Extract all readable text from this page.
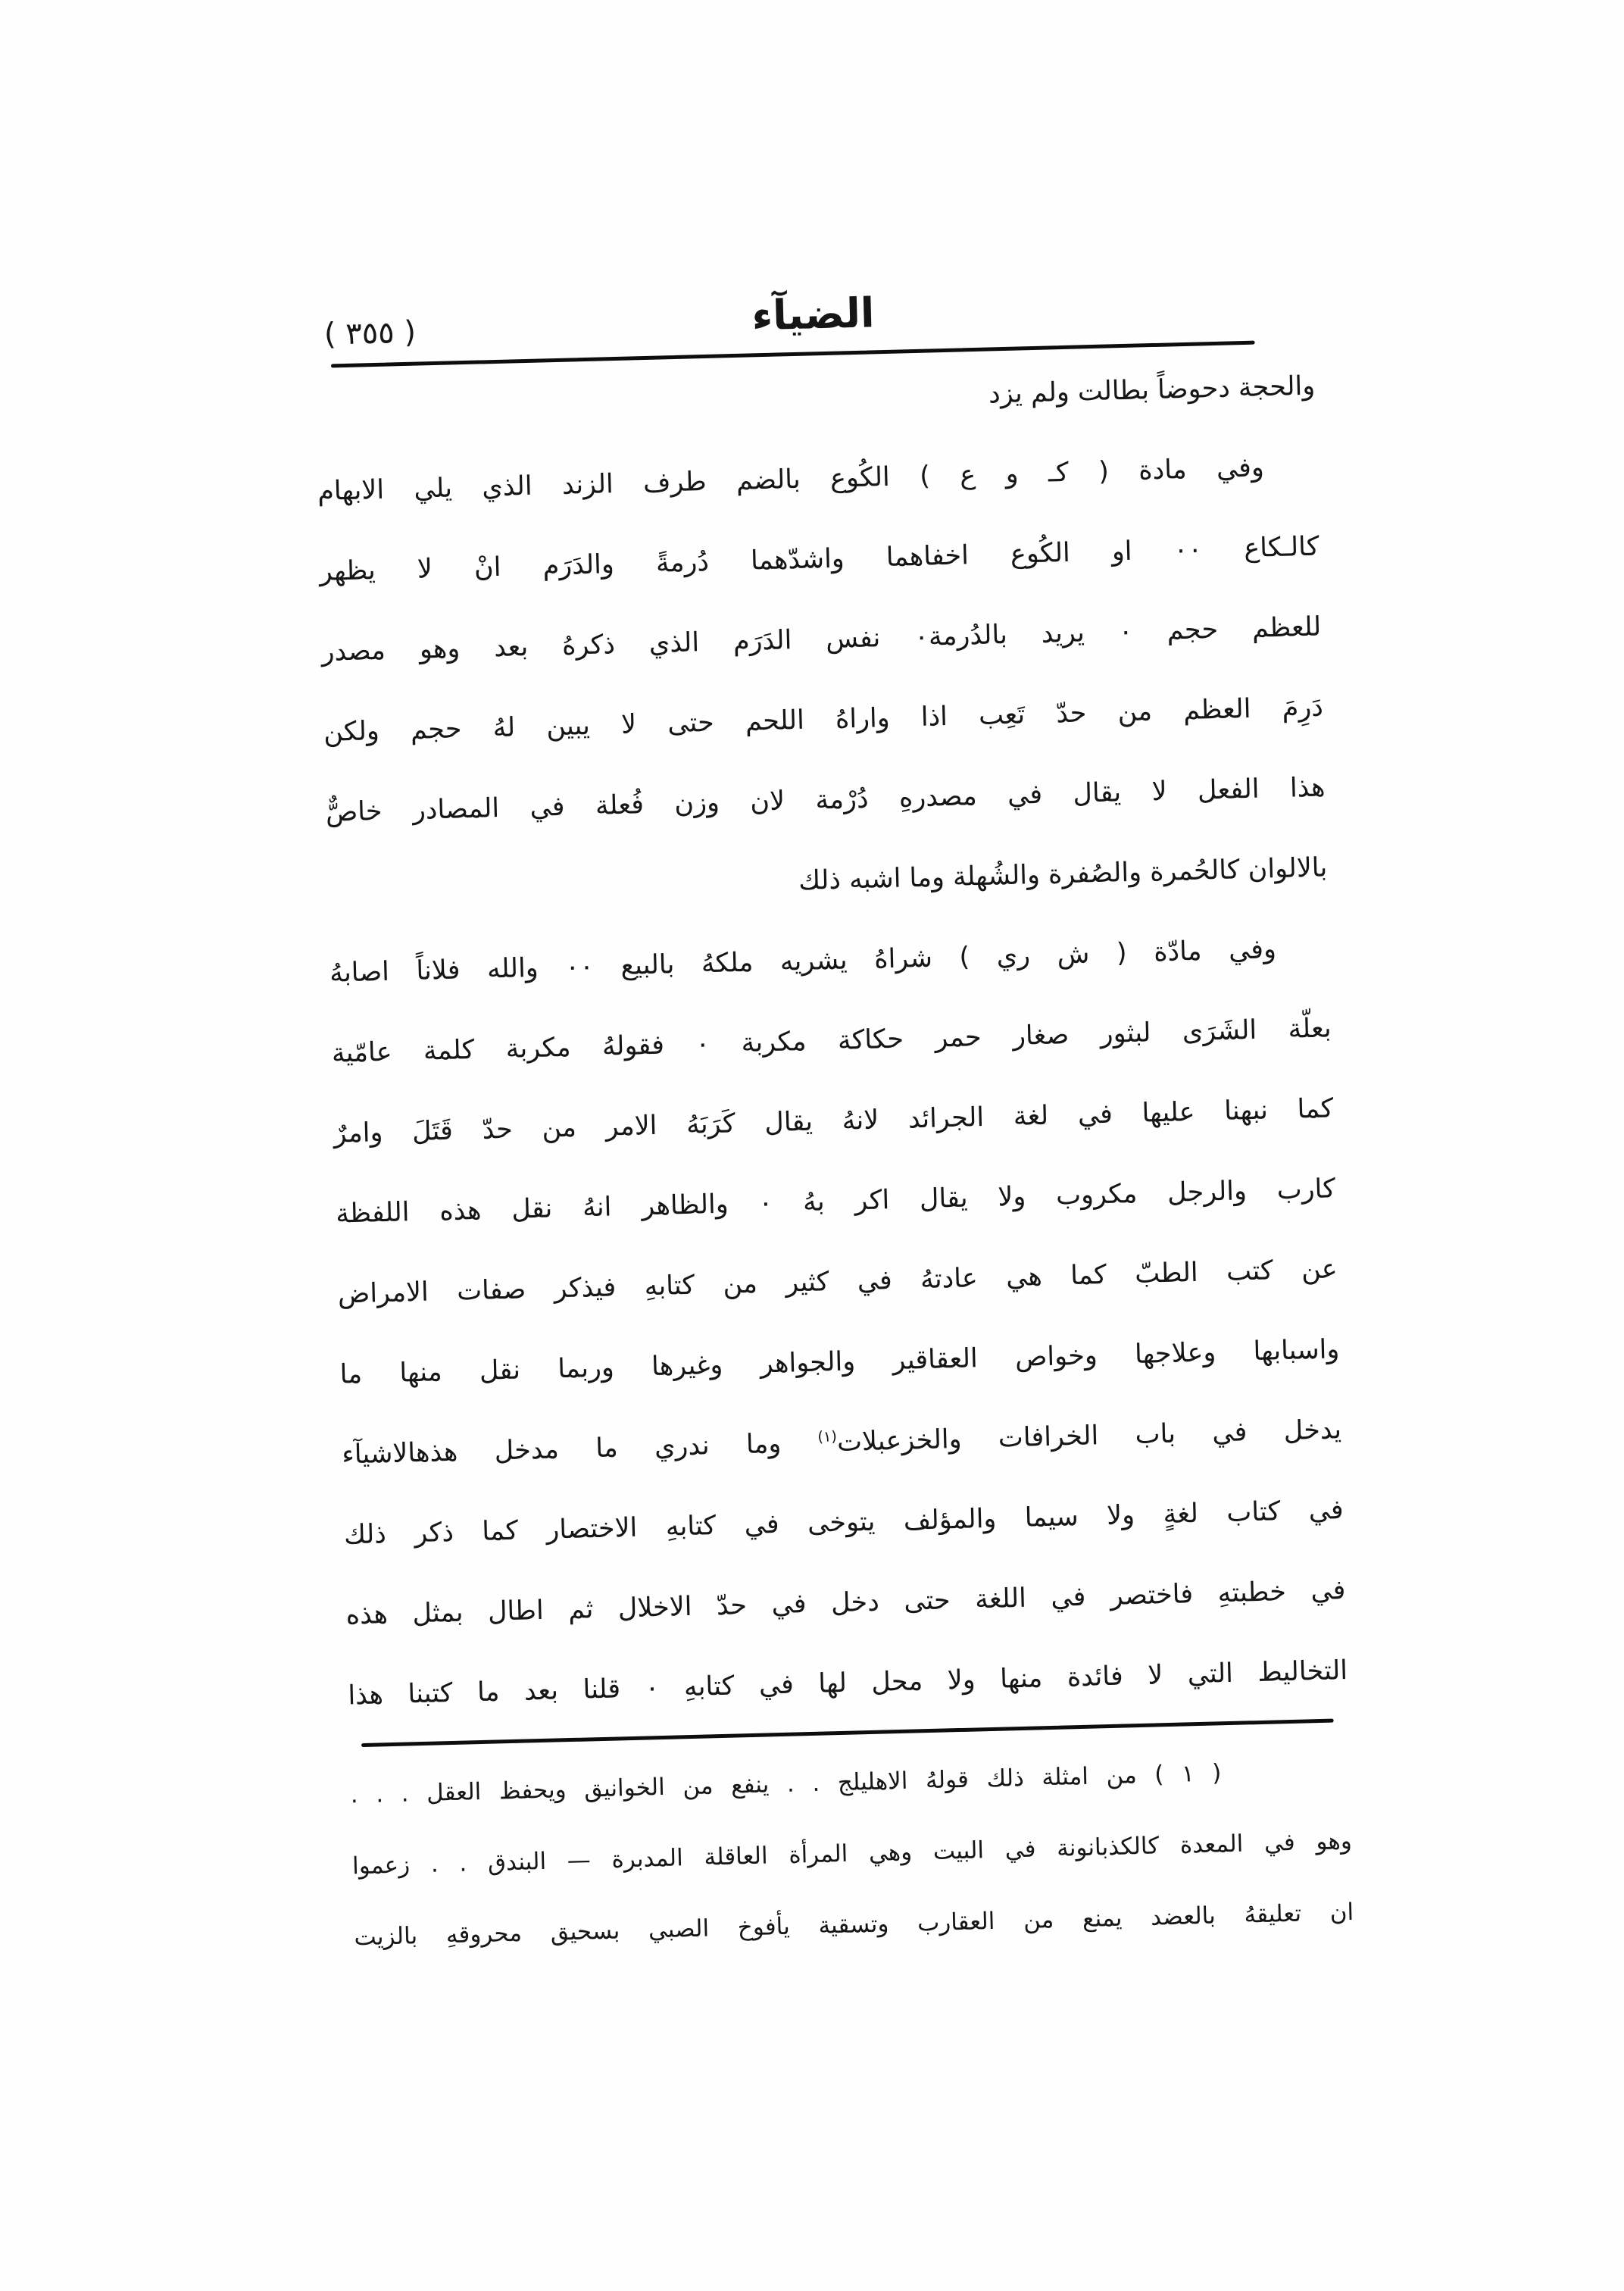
( ٣٥٥ )	الضيآء
والحجة دحوضاً بطالت ولم يزد
وفي مادة ( كـ و ع ) الكُوع بالضم طرف الزند الذي يلي الابهام
كالـكاع ٠٠ او الكُوع اخفاهما واشدّهما دُرمةً والدَرَم انْ لا يظهر
للعظم حجم ٠ يريد بالدُرمة٠ نفس الدَرَم الذي ذكرهُ بعد وهو مصدر
دَرِمَ العظم من حدّ تَعِب اذا واراهُ اللحم حتى لا يبين لهُ حجم ولكن
هذا الفعل لا يقال في مصدرهِ دُرْمة لان وزن فُعلة في المصادر خاصٌّ
بالالوان كالحُمرة والصُفرة والشُهلة وما اشبه ذلك
وفي مادّة ( ش ري ) شراهُ يشريه ملكهُ بالبيع ٠٠ والله فلاناً اصابهُ
بعلّة الشَرَى لبثور صغار حمر حكاكة مكربة ٠ فقولهُ مكربة كلمة عامّية
كما نبهنا عليها في لغة الجرائد لانهُ يقال كَرَبَهُ الامر من حدّ قَتَلَ وامرٌ
كارب والرجل مكروب ولا يقال اكر بهُ ٠ والظاهر انهُ نقل هذه اللفظة
عن كتب الطبّ كما هي عادتهُ في كثير من كتابهِ فيذكر صفات الامراض
واسبابها وعلاجها وخواص العقاقير والجواهر وغيرها وربما نقل منها ما
يدخل في باب الخرافات والخزعبلات$^{(١)}$ وما ندري ما مدخل هذهالاشيآء
في كتاب لغةٍ ولا سيما والمؤلف يتوخى في كتابهِ الاختصار كما ذكر ذلك
في خطبتهِ فاختصر في اللغة حتى دخل في حدّ الاخلال ثم اطال بمثل هذه
التخاليط التي لا فائدة منها ولا محل لها في كتابهِ ٠ قلنا بعد ما كتبنا هذا
( ١ ) من امثلة ذلك قولهُ الاهليلج . . ينفع من الخوانيق ويحفظ العقل . . .
وهو في المعدة كالكذبانونة في البيت وهي المرأة العاقلة المدبرة — البندق . . زعموا
ان تعليقهُ بالعضد يمنع من العقارب وتسقية يأفوخ الصبي بسحيق محروقهِ بالزيت
